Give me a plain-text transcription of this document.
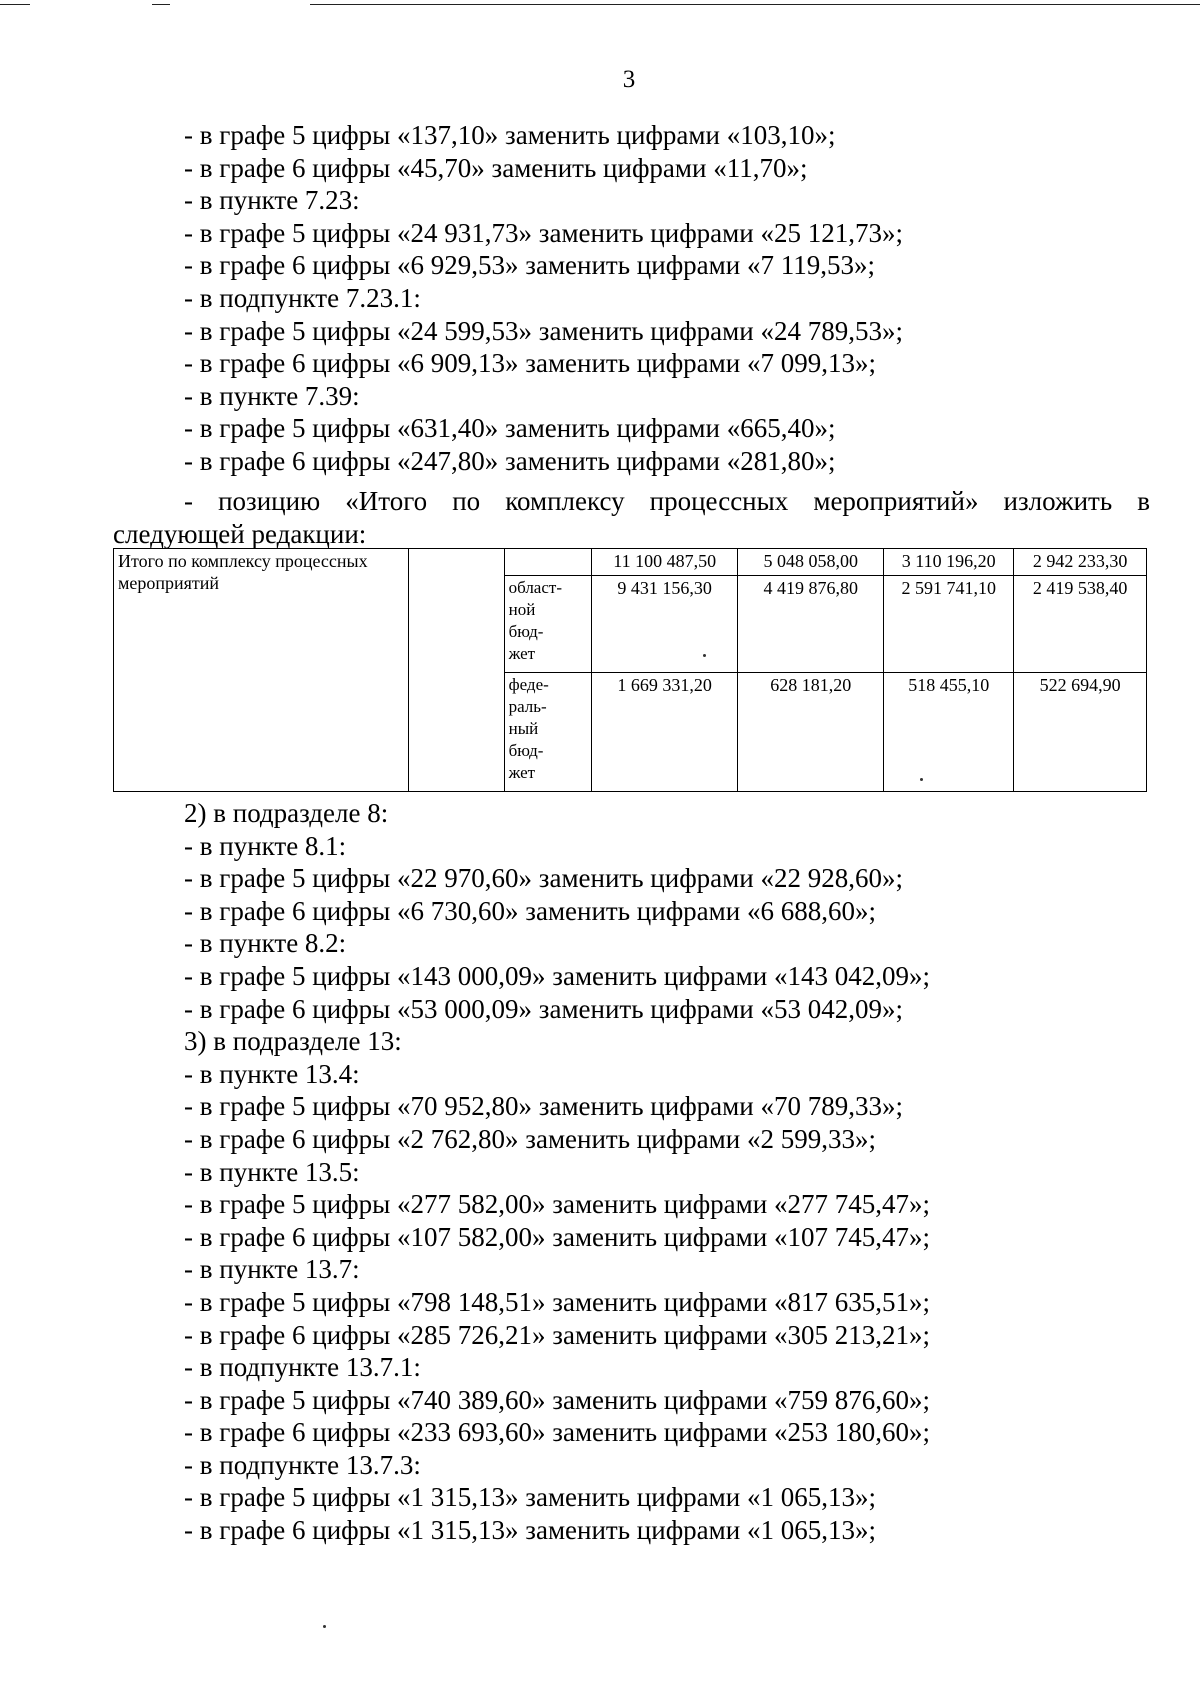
3
- в графе 5 цифры «137,10» заменить цифрами «103,10»;
- в графе 6 цифры «45,70» заменить цифрами «11,70»;
- в пункте 7.23:
- в графе 5 цифры «24 931,73» заменить цифрами «25 121,73»;
- в графе 6 цифры «6 929,53» заменить цифрами «7 119,53»;
- в подпункте 7.23.1:
- в графе 5 цифры «24 599,53» заменить цифрами «24 789,53»;
- в графе 6 цифры «6 909,13» заменить цифрами «7 099,13»;
- в пункте 7.39:
- в графе 5 цифры «631,40» заменить цифрами «665,40»;
- в графе 6 цифры «247,80» заменить цифрами «281,80»;
- позицию «Итого по комплексу процессных мероприятий» изложить в
следующей редакции:
Итого по комплексу процессных мероприятий			11 100 487,50	5 048 058,00	3 110 196,20	2 942 233,30
		област-
ной
бюд-
жет	9 431 156,30	4 419 876,80	2 591 741,10	2 419 538,40
		феде-
раль-
ный
бюд-
жет	1 669 331,20	628 181,20	518 455,10	522 694,90
2) в подразделе 8:
- в пункте 8.1:
- в графе 5 цифры «22 970,60» заменить цифрами «22 928,60»;
- в графе 6 цифры «6 730,60» заменить цифрами «6 688,60»;
- в пункте 8.2:
- в графе 5 цифры «143 000,09» заменить цифрами «143 042,09»;
- в графе 6 цифры «53 000,09» заменить цифрами «53 042,09»;
3) в подразделе 13:
- в пункте 13.4:
- в графе 5 цифры «70 952,80» заменить цифрами «70 789,33»;
- в графе 6 цифры «2 762,80» заменить цифрами «2 599,33»;
- в пункте 13.5:
- в графе 5 цифры «277 582,00» заменить цифрами «277 745,47»;
- в графе 6 цифры «107 582,00» заменить цифрами «107 745,47»;
- в пункте 13.7:
- в графе 5 цифры «798 148,51» заменить цифрами «817 635,51»;
- в графе 6 цифры «285 726,21» заменить цифрами «305 213,21»;
- в подпункте 13.7.1:
- в графе 5 цифры «740 389,60» заменить цифрами «759 876,60»;
- в графе 6 цифры «233 693,60» заменить цифрами «253 180,60»;
- в подпункте 13.7.3:
- в графе 5 цифры «1 315,13» заменить цифрами «1 065,13»;
- в графе 6 цифры «1 315,13» заменить цифрами «1 065,13»;
